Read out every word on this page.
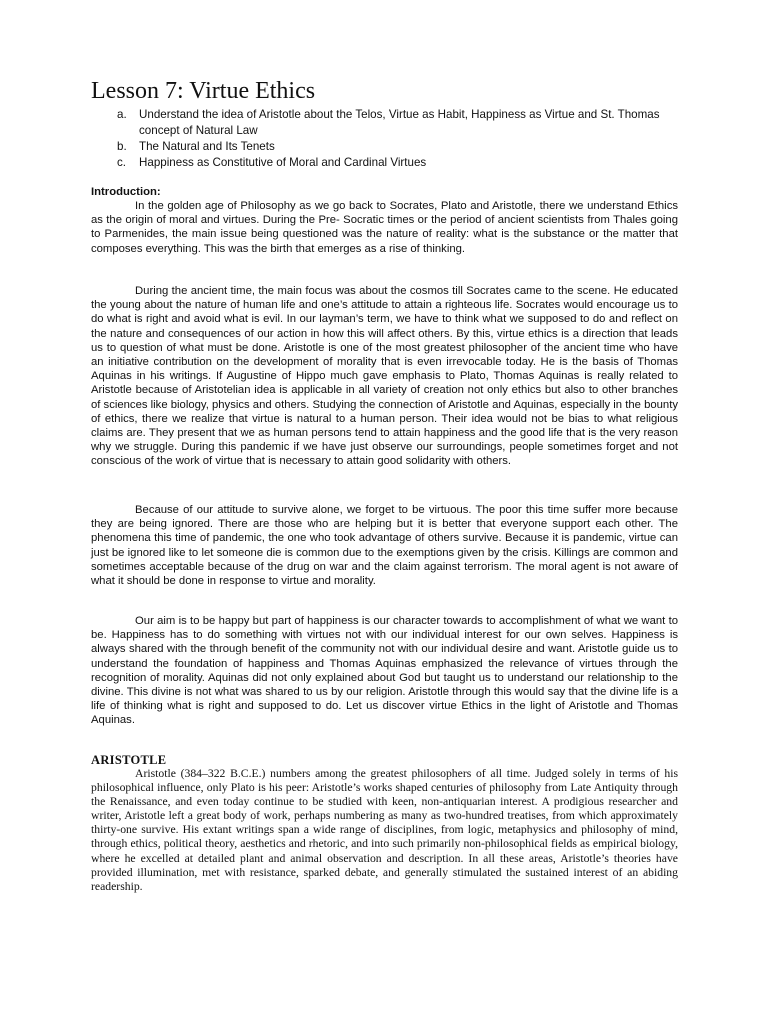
Lesson 7: Virtue Ethics
a. Understand the idea of Aristotle about the Telos, Virtue as Habit, Happiness as Virtue and St. Thomas concept of Natural Law
b. The Natural and Its Tenets
c. Happiness as Constitutive of Moral and Cardinal Virtues
Introduction:

In the golden age of Philosophy as we go back to Socrates, Plato and Aristotle, there we understand Ethics as the origin of moral and virtues. During the Pre- Socratic times or the period of ancient scientists from Thales going to Parmenides, the main issue being questioned was the nature of reality: what is the substance or the matter that composes everything. This was the birth that emerges as a rise of thinking.

During the ancient time, the main focus was about the cosmos till Socrates came to the scene. He educated the young about the nature of human life and one’s attitude to attain a righteous life. Socrates would encourage us to do what is right and avoid what is evil. In our layman’s term, we have to think what we supposed to do and reflect on the nature and consequences of our action in how this will affect others. By this, virtue ethics is a direction that leads us to question of what must be done. Aristotle is one of the most greatest philosopher of the ancient time who have an initiative contribution on the development of morality that is even irrevocable today. He is the basis of Thomas Aquinas in his writings. If Augustine of Hippo much gave emphasis to Plato, Thomas Aquinas is really related to Aristotle because of Aristotelian idea is applicable in all variety of creation not only ethics but also to other branches of sciences like biology, physics and others. Studying the connection of Aristotle and Aquinas, especially in the bounty of ethics, there we realize that virtue is natural to a human person. Their idea would not be bias to what religious claims are. They present that we as human persons tend to attain happiness and the good life that is the very reason why we struggle. During this pandemic if we have just observe our surroundings, people sometimes forget and not conscious of the work of virtue that is necessary to attain good solidarity with others.

Because of our attitude to survive alone, we forget to be virtuous. The poor this time suffer more because they are being ignored. There are those who are helping but it is better that everyone support each other. The phenomena this time of pandemic, the one who took advantage of others survive. Because it is pandemic, virtue can just be ignored like to let someone die is common due to the exemptions given by the crisis. Killings are common and sometimes acceptable because of the drug on war and the claim against terrorism. The moral agent is not aware of what it should be done in response to virtue and morality.

Our aim is to be happy but part of happiness is our character towards to accomplishment of what we want to be. Happiness has to do something with virtues not with our individual interest for our own selves. Happiness is always shared with the through benefit of the community not with our individual desire and want. Aristotle guide us to understand the foundation of happiness and Thomas Aquinas emphasized the relevance of virtues through the recognition of morality. Aquinas did not only explained about God but taught us to understand our relationship to the divine. This divine is not what was shared to us by our religion. Aristotle through this would say that the divine life is a life of thinking what is right and supposed to do. Let us discover virtue Ethics in the light of Aristotle and Thomas Aquinas.

ARISTOTLE

Aristotle (384–322 B.C.E.) numbers among the greatest philosophers of all time. Judged solely in terms of his philosophical influence, only Plato is his peer: Aristotle’s works shaped centuries of philosophy from Late Antiquity through the Renaissance, and even today continue to be studied with keen, non-antiquarian interest. A prodigious researcher and writer, Aristotle left a great body of work, perhaps numbering as many as two-hundred treatises, from which approximately thirty-one survive. His extant writings span a wide range of disciplines, from logic, metaphysics and philosophy of mind, through ethics, political theory, aesthetics and rhetoric, and into such primarily non-philosophical fields as empirical biology, where he excelled at detailed plant and animal observation and description. In all these areas, Aristotle’s theories have provided illumination, met with resistance, sparked debate, and generally stimulated the sustained interest of an abiding readership.
